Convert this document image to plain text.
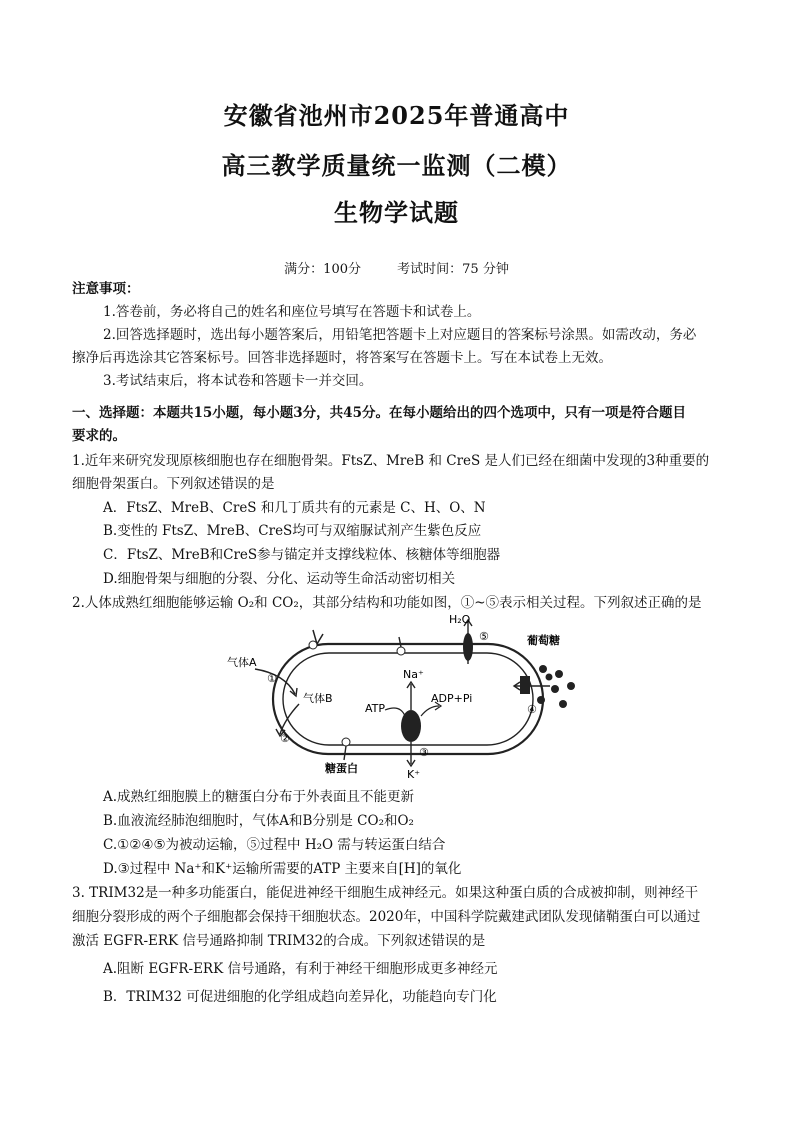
安徽省池州市2025年普通高中
高三教学质量统一监测（二模）
生物学试题
满分：100分	考试时间：75 分钟
注意事项：
1.答卷前，务必将自己的姓名和座位号填写在答题卡和试卷上。
2.回答选择题时，选出每小题答案后，用铅笔把答题卡上对应题目的答案标号涂黑。如需改动，务必
擦净后再选涂其它答案标号。回答非选择题时，将答案写在答题卡上。写在本试卷上无效。
3.考试结束后，将本试卷和答题卡一并交回。
一、选择题：本题共15小题，每小题3分，共45分。在每小题给出的四个选项中，只有一项是符合题目
要求的。
1.近年来研究发现原核细胞也存在细胞骨架。FtsZ、MreB 和 CreS 是人们已经在细菌中发现的3种重要的
细胞骨架蛋白。下列叙述错误的是
A．FtsZ、MreB、CreS 和几丁质共有的元素是 C、H、O、N
B.变性的 FtsZ、MreB、CreS均可与双缩脲试剂产生紫色反应
C．FtsZ、MreB和CreS参与锚定并支撑线粒体、核糖体等细胞器
D.细胞骨架与细胞的分裂、分化、运动等生命活动密切相关
2.人体成熟红细胞能够运输 O₂和 CO₂，其部分结构和功能如图，①~⑤表示相关过程。下列叙述正确的是
H₂O
⑤	葡萄糖
④
气体A
①
气体B
②
糖蛋白
Na⁺
K⁺
③
ATP
ADP+Pi
A.成熟红细胞膜上的糖蛋白分布于外表面且不能更新
B.血液流经肺泡细胞时，气体A和B分别是 CO₂和O₂
C.①②④⑤为被动运输，⑤过程中 H₂O 需与转运蛋白结合
D.③过程中 Na⁺和K⁺运输所需要的ATP 主要来自[H]的氧化
3. TRIM32是一种多功能蛋白，能促进神经干细胞生成神经元。如果这种蛋白质的合成被抑制，则神经干
细胞分裂形成的两个子细胞都会保持干细胞状态。2020年，中国科学院戴建武团队发现储鞘蛋白可以通过
激活 EGFR-ERK 信号通路抑制 TRIM32的合成。下列叙述错误的是
A.阻断 EGFR-ERK 信号通路，有利于神经干细胞形成更多神经元
B．TRIM32 可促进细胞的化学组成趋向差异化，功能趋向专门化
